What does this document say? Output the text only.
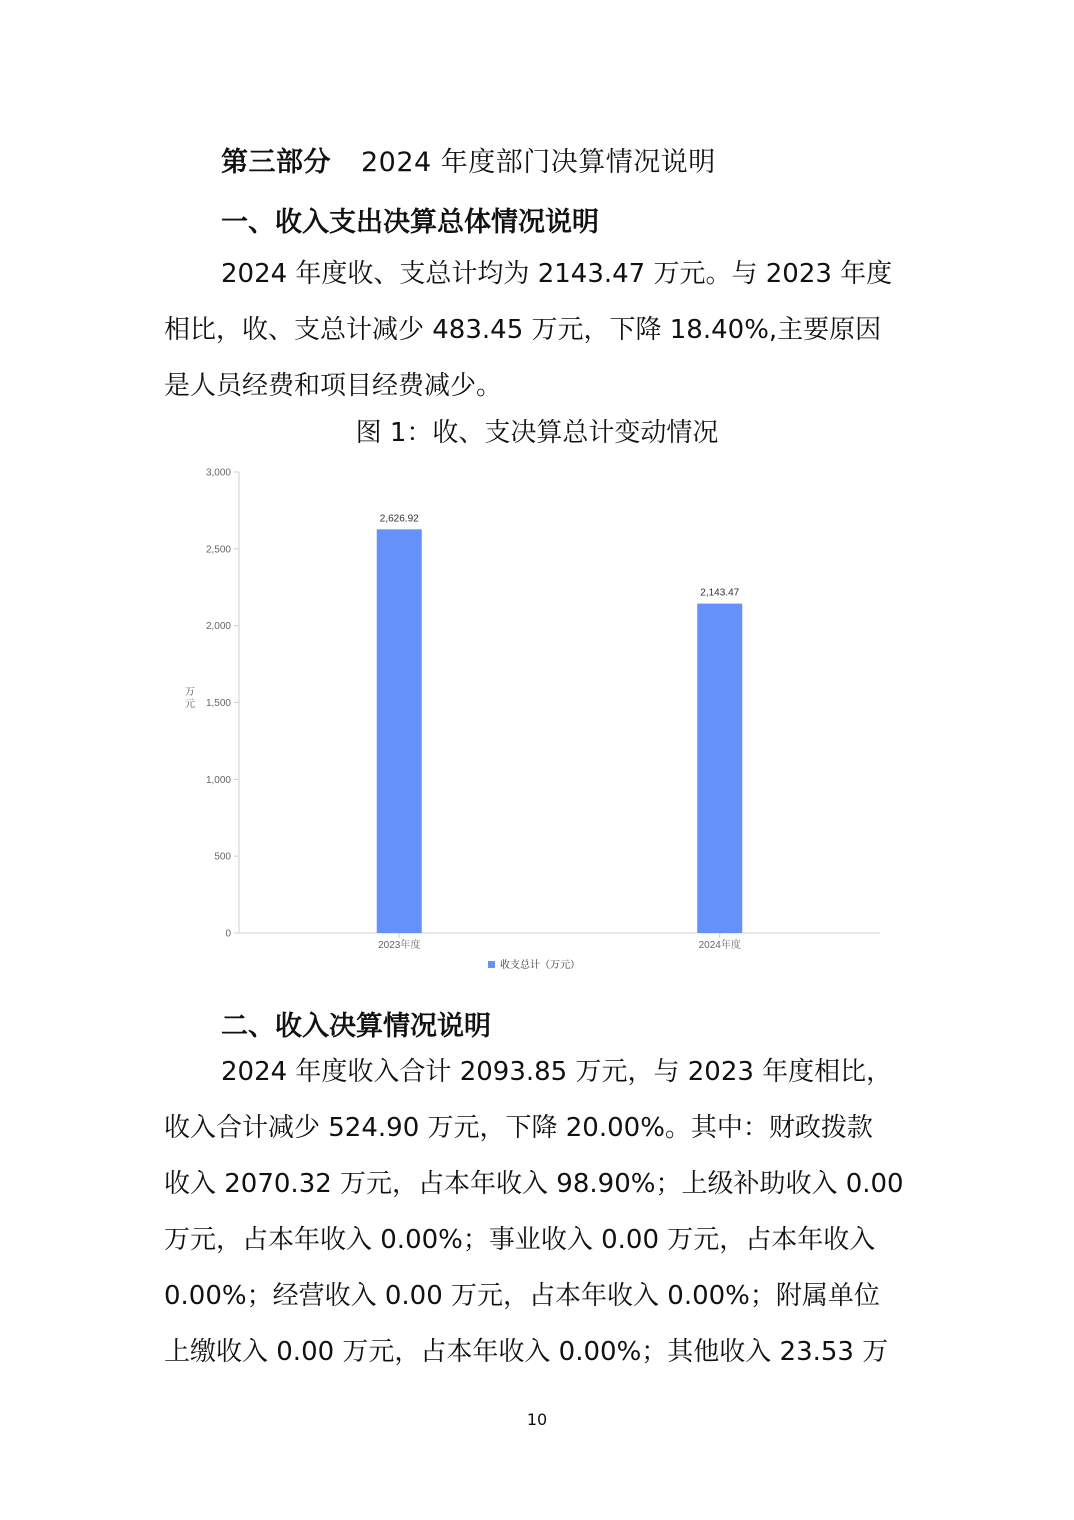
第三部分 2024 年度部门决算情况说明
一、收入支出决算总体情况说明

2024 年度收、支总计均为 2143.47 万元。与 2023 年度

相比，收、支总计减少 483.45 万元，下降 18.40%,主要原因

是人员经费和项目经费减少。

图 1：收、支决算总计变动情况
0
500
1,000
1,500
2,000
2,500
3,000
万元
2,626.92
2023年度
2,143.47
2024年度
收支总计（万元）
二、收入决算情况说明

2024 年度收入合计 2093.85 万元，与 2023 年度相比，

收入合计减少 524.90 万元，下降 20.00%。其中：财政拨款

收入 2070.32 万元，占本年收入 98.90%；上级补助收入 0.00

万元，占本年收入 0.00%；事业收入 0.00 万元，占本年收入

0.00%；经营收入 0.00 万元，占本年收入 0.00%；附属单位

上缴收入 0.00 万元，占本年收入 0.00%；其他收入 23.53 万

10
